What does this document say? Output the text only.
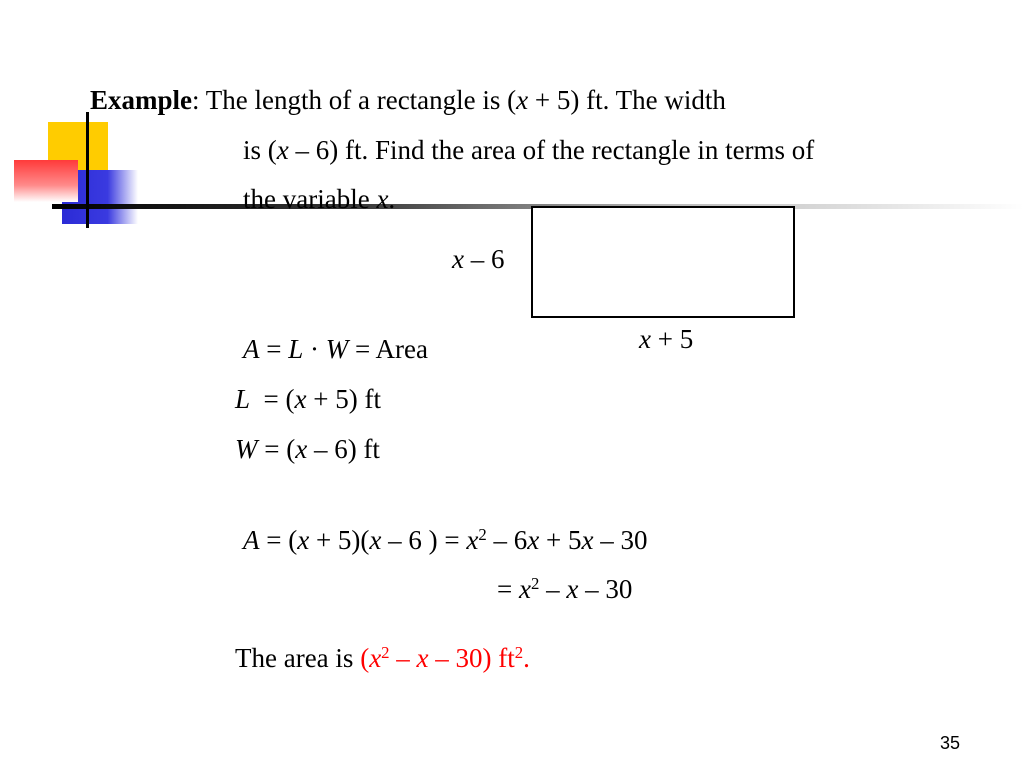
Example: The length of a rectangle is (x + 5) ft. The width
is (x – 6) ft. Find the area of the rectangle in terms of
the variable x.
x – 6
x + 5
A = L · W = Area
L  = (x + 5) ft
W = (x – 6) ft
A = (x + 5)(x – 6 ) = $x^2 - 6x + 5x - 30$
= $x^2$ – x – 30
The area is ($x^2$ – x – 30) $ft^2$.
35
